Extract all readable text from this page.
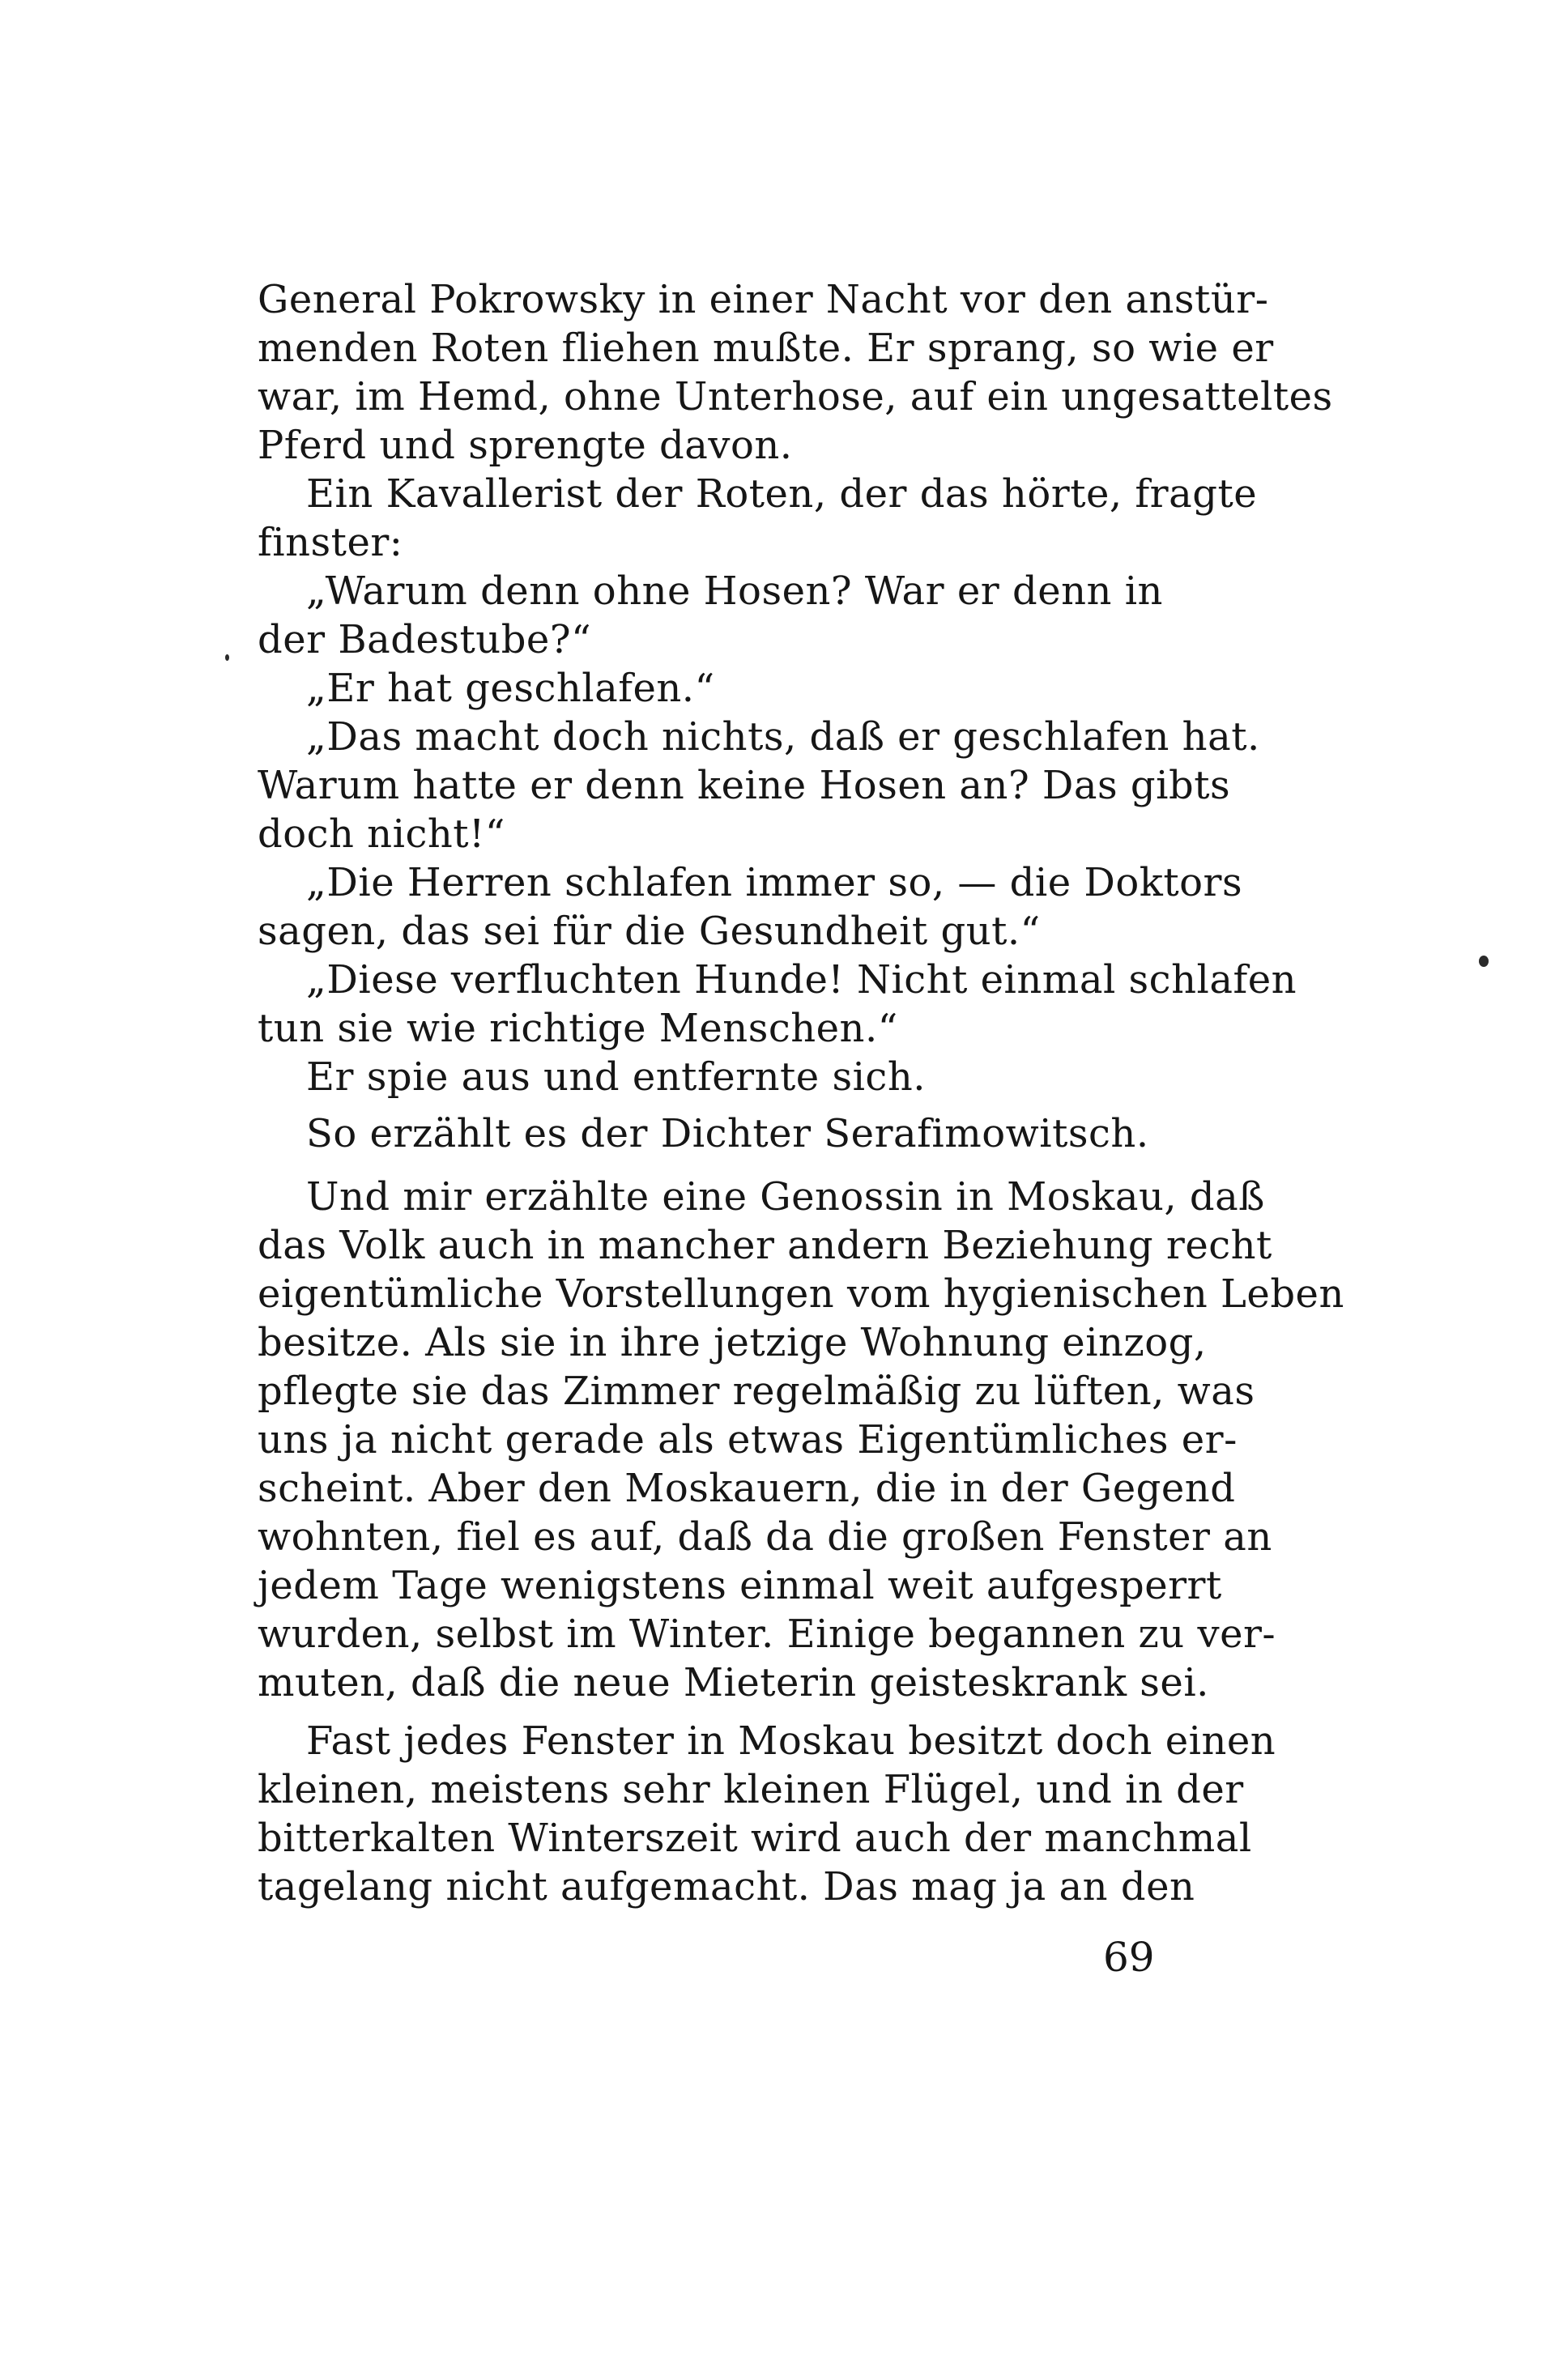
General Pokrowsky in einer Nacht vor den anstür-
menden Roten fliehen mußte. Er sprang, so wie er
war, im Hemd, ohne Unterhose, auf ein ungesatteltes
Pferd und sprengte davon.
Ein Kavallerist der Roten, der das hörte, fragte
finster:
„Warum denn ohne Hosen? War er denn in
der Badestube?“
„Er hat geschlafen.“
„Das macht doch nichts, daß er geschlafen hat.
Warum hatte er denn keine Hosen an? Das gibts
doch nicht!“
„Die Herren schlafen immer so, — die Doktors
sagen, das sei für die Gesundheit gut.“
„Diese verfluchten Hunde! Nicht einmal schlafen
tun sie wie richtige Menschen.“
Er spie aus und entfernte sich.
So erzählt es der Dichter Serafimowitsch.
Und mir erzählte eine Genossin in Moskau, daß
das Volk auch in mancher andern Beziehung recht
eigentümliche Vorstellungen vom hygienischen Leben
besitze. Als sie in ihre jetzige Wohnung einzog,
pflegte sie das Zimmer regelmäßig zu lüften, was
uns ja nicht gerade als etwas Eigentümliches er-
scheint. Aber den Moskauern, die in der Gegend
wohnten, fiel es auf, daß da die großen Fenster an
jedem Tage wenigstens einmal weit aufgesperrt
wurden, selbst im Winter. Einige begannen zu ver-
muten, daß die neue Mieterin geisteskrank sei.
Fast jedes Fenster in Moskau besitzt doch einen
kleinen, meistens sehr kleinen Flügel, und in der
bitterkalten Winterszeit wird auch der manchmal
tagelang nicht aufgemacht. Das mag ja an den
69
